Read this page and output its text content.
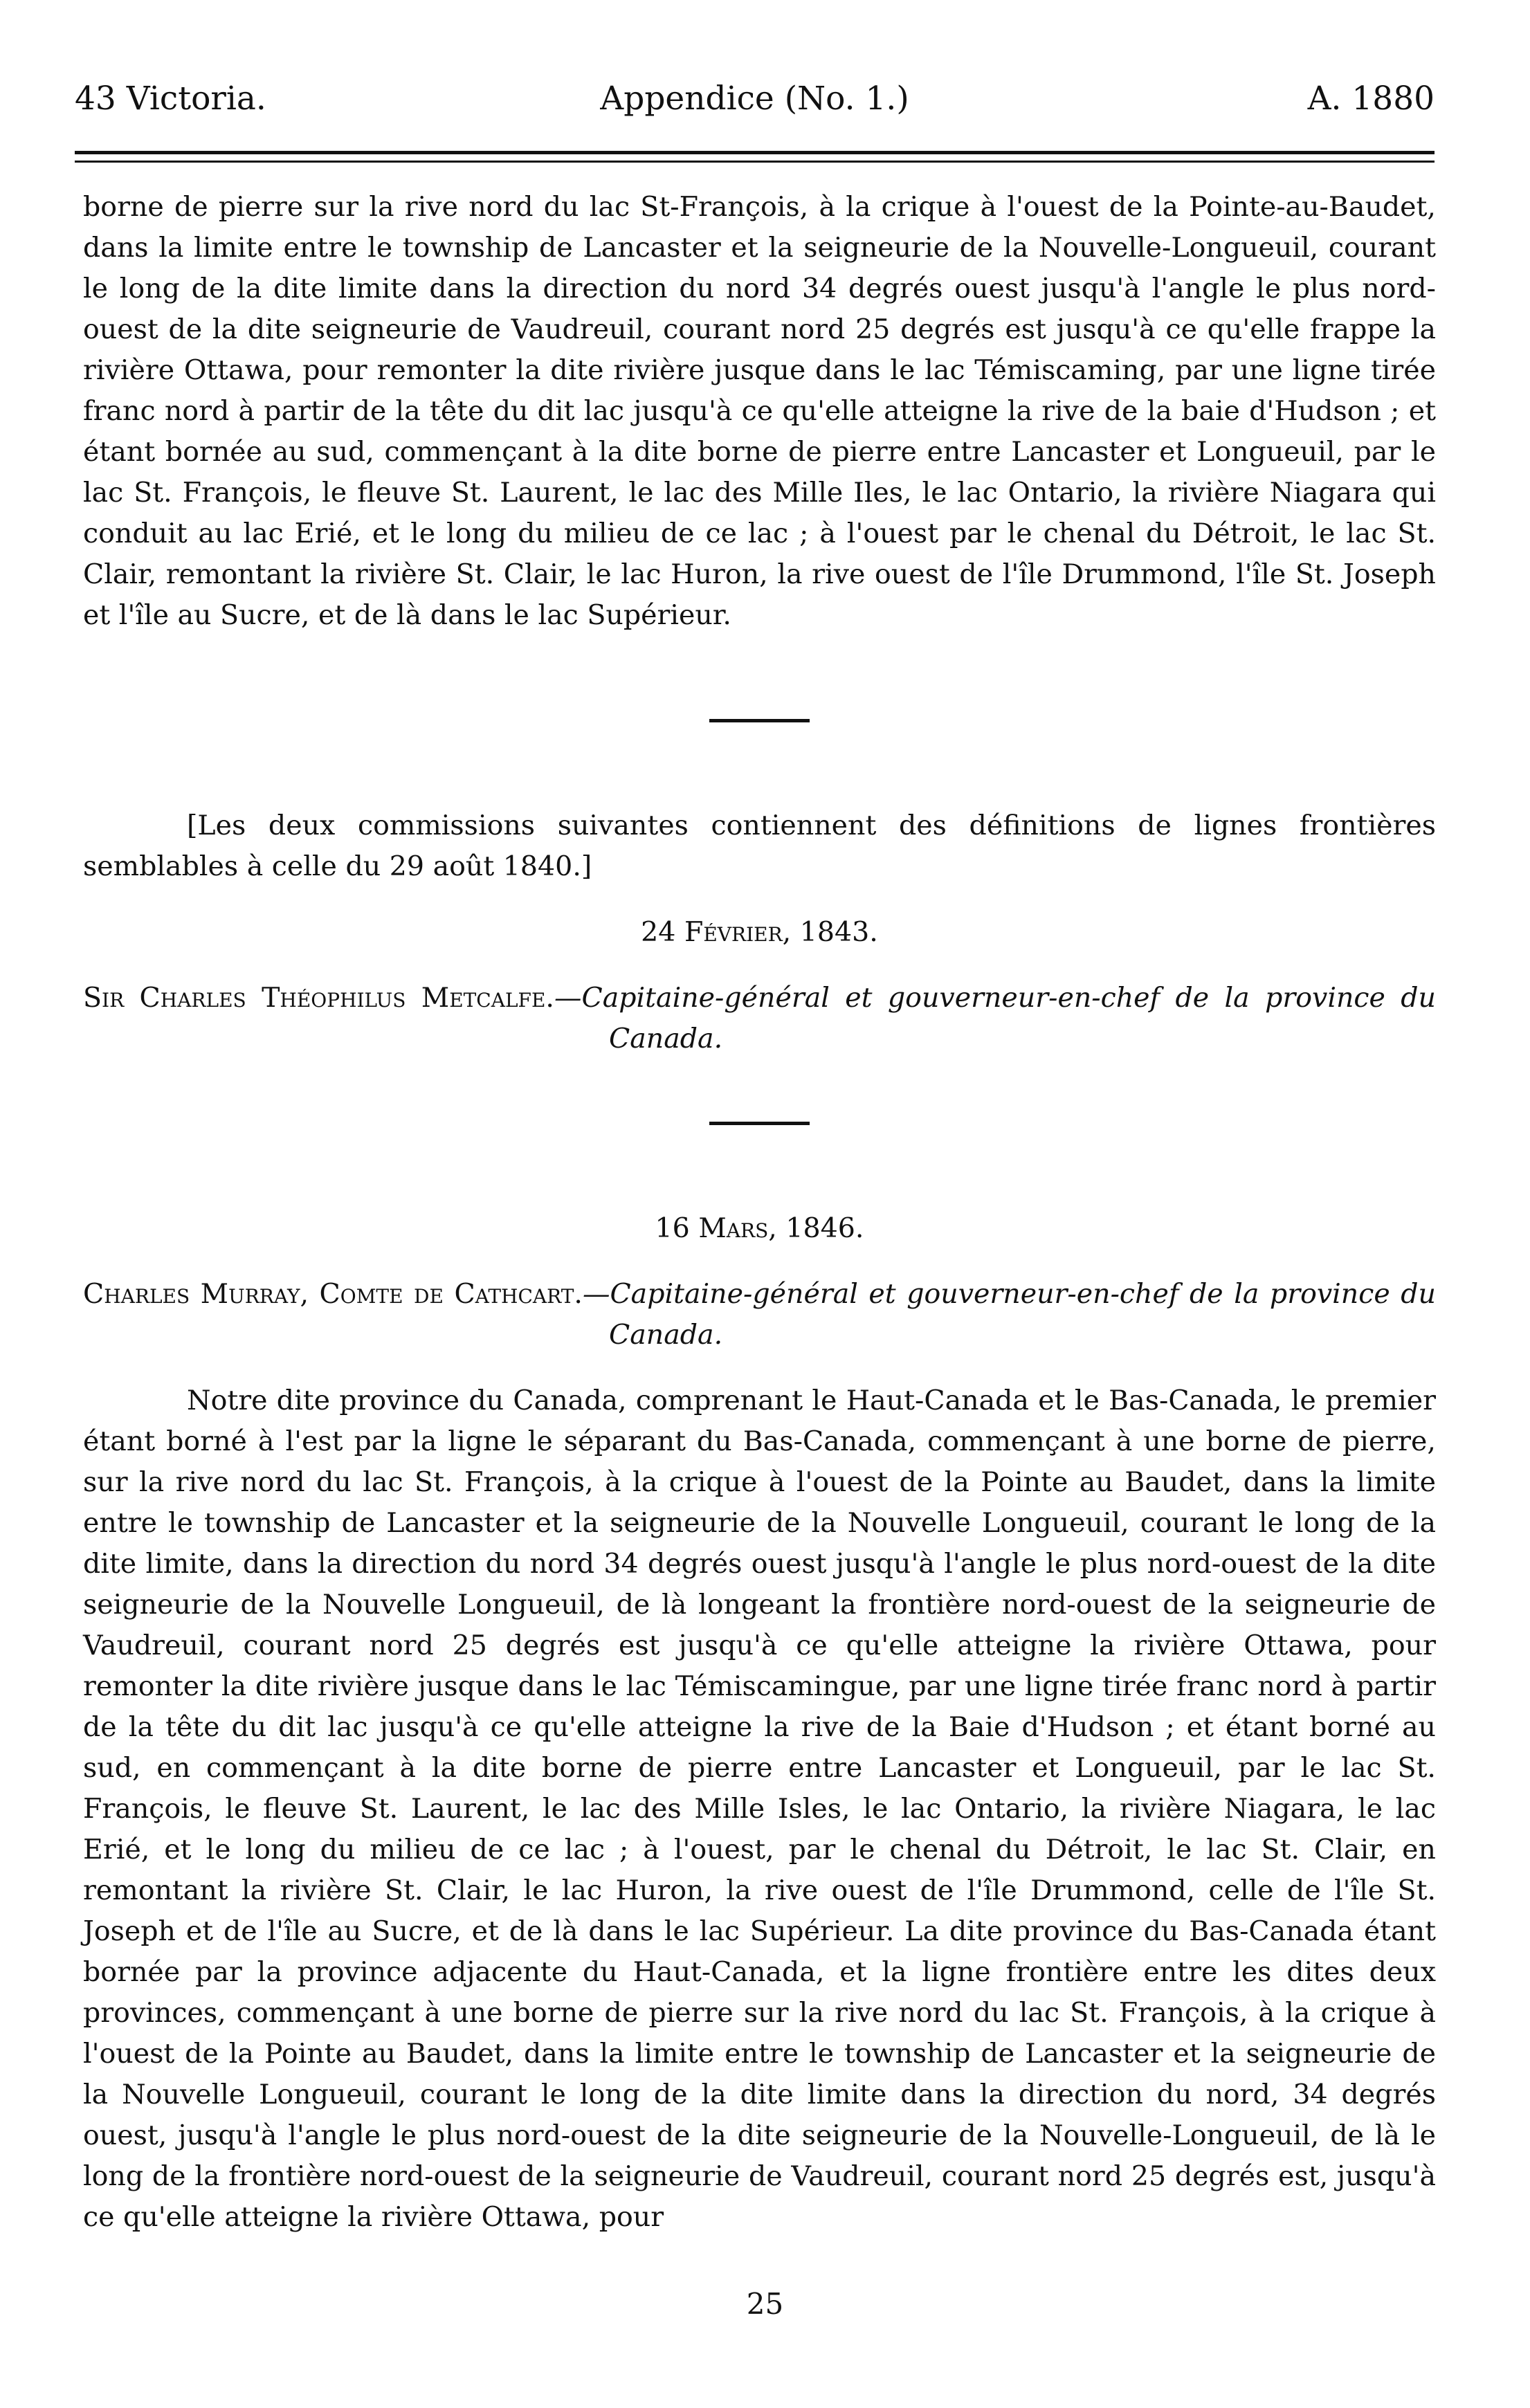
43 Victoria.	Appendice (No. 1.)	A. 1880

borne de pierre sur la rive nord du lac St-François, à la crique à l'ouest de la Pointe-au-Baudet, dans la limite entre le township de Lancaster et la seigneurie de la Nouvelle-Longueuil, courant le long de la dite limite dans la direction du nord 34 degrés ouest jusqu'à l'angle le plus nord-ouest de la dite seigneurie de Vaudreuil, courant nord 25 degrés est jusqu'à ce qu'elle frappe la rivière Ottawa, pour remonter la dite rivière jusque dans le lac Témiscaming, par une ligne tirée franc nord à partir de la tête du dit lac jusqu'à ce qu'elle atteigne la rive de la baie d'Hudson ; et étant bornée au sud, commençant à la dite borne de pierre entre Lancaster et Longueuil, par le lac St. François, le fleuve St. Laurent, le lac des Mille Iles, le lac Ontario, la rivière Niagara qui conduit au lac Erié, et le long du milieu de ce lac ; à l'ouest par le chenal du Détroit, le lac St. Clair, remontant la rivière St. Clair, le lac Huron, la rive ouest de l'île Drummond, l'île St. Joseph et l'île au Sucre, et de là dans le lac Supérieur.

[Les deux commissions suivantes contiennent des définitions de lignes frontières semblables à celle du 29 août 1840.]

24 Février, 1843.

Sir Charles Théophilus Metcalfe.—Capitaine-général et gouverneur-en-chef de la province du Canada.

16 Mars, 1846.

Charles Murray, Comte de Cathcart.—Capitaine-général et gouverneur-en-chef de la province du Canada.

Notre dite province du Canada, comprenant le Haut-Canada et le Bas-Canada, le premier étant borné à l'est par la ligne le séparant du Bas-Canada, commençant à une borne de pierre, sur la rive nord du lac St. François, à la crique à l'ouest de la Pointe au Baudet, dans la limite entre le township de Lancaster et la seigneurie de la Nouvelle Longueuil, courant le long de la dite limite, dans la direction du nord 34 degrés ouest jusqu'à l'angle le plus nord-ouest de la dite seigneurie de la Nouvelle Longueuil, de là longeant la frontière nord-ouest de la seigneurie de Vaudreuil, courant nord 25 degrés est jusqu'à ce qu'elle atteigne la rivière Ottawa, pour remonter la dite rivière jusque dans le lac Témiscamingue, par une ligne tirée franc nord à partir de la tête du dit lac jusqu'à ce qu'elle atteigne la rive de la Baie d'Hudson ; et étant borné au sud, en commençant à la dite borne de pierre entre Lancaster et Longueuil, par le lac St. François, le fleuve St. Laurent, le lac des Mille Isles, le lac Ontario, la rivière Niagara, le lac Erié, et le long du milieu de ce lac ; à l'ouest, par le chenal du Détroit, le lac St. Clair, en remontant la rivière St. Clair, le lac Huron, la rive ouest de l'île Drummond, celle de l'île St. Joseph et de l'île au Sucre, et de là dans le lac Supérieur. La dite province du Bas-Canada étant bornée par la province adjacente du Haut-Canada, et la ligne frontière entre les dites deux provinces, commençant à une borne de pierre sur la rive nord du lac St. François, à la crique à l'ouest de la Pointe au Baudet, dans la limite entre le township de Lancaster et la seigneurie de la Nouvelle Longueuil, courant le long de la dite limite dans la direction du nord, 34 degrés ouest, jusqu'à l'angle le plus nord-ouest de la dite seigneurie de la Nouvelle-Longueuil, de là le long de la frontière nord-ouest de la seigneurie de Vaudreuil, courant nord 25 degrés est, jusqu'à ce qu'elle atteigne la rivière Ottawa, pour

25
